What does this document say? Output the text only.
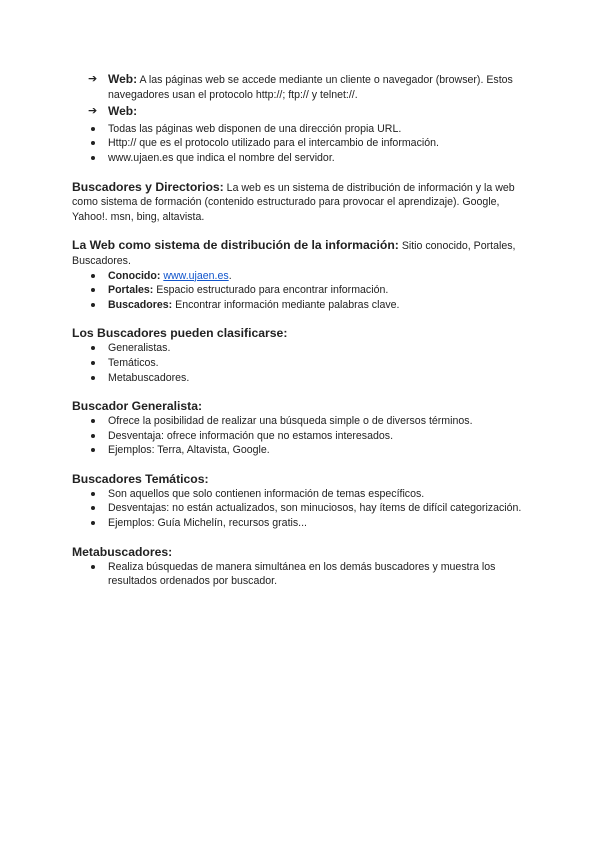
➔ Web: A las páginas web se accede mediante un cliente o navegador (browser). Estos navegadores usan el protocolo http://; ftp:// y telnet://.
➔ Web:
Todas las páginas web disponen de una dirección propia URL.
Http:// que es el protocolo utilizado para el intercambio de información.
www.ujaen.es que indica el nombre del servidor.
Buscadores y Directorios: La web es un sistema de distribución de información y la web como sistema de formación (contenido estructurado para provocar el aprendizaje). Google, Yahoo!. msn, bing, altavista.
La Web como sistema de distribución de la información: Sitio conocido, Portales, Buscadores.
Conocido: www.ujaen.es.
Portales: Espacio estructurado para encontrar información.
Buscadores: Encontrar información mediante palabras clave.
Los Buscadores pueden clasificarse:
Generalistas.
Temáticos.
Metabuscadores.
Buscador Generalista:
Ofrece la posibilidad de realizar una búsqueda simple o de diversos términos.
Desventaja: ofrece información que no estamos interesados.
Ejemplos: Terra, Altavista, Google.
Buscadores Temáticos:
Son aquellos que solo contienen información de temas específicos.
Desventajas: no están actualizados, son minuciosos, hay ítems de difícil categorización.
Ejemplos: Guía Michelín, recursos gratis...
Metabuscadores:
Realiza búsquedas de manera simultánea en los demás buscadores y muestra los resultados ordenados por buscador.
